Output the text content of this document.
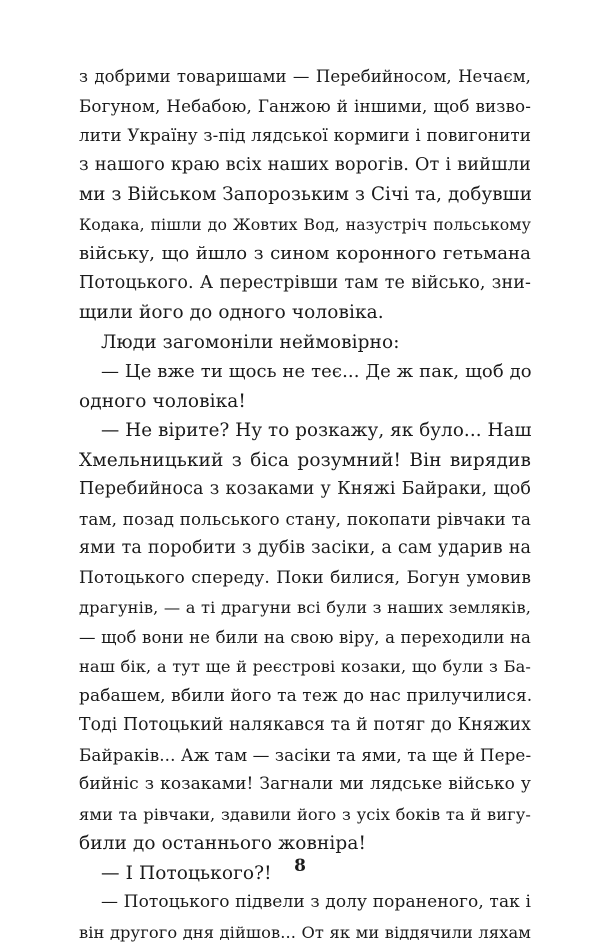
з добрими товаришами — Перебийносом, Нечаєм,
Богуном, Небабою, Ганжою й іншими, щоб визво-
лити Україну з-під лядської кормиги і повигонити
з нашого краю всіх наших ворогів. От і вийшли
ми з Військом Запорозьким з Січі та, добувши
Кодака, пішли до Жовтих Вод, назустріч польському
війську, що йшло з сином коронного гетьмана
Потоцького. А перестрівши там те військо, зни-
щили його до одного чоловіка.
Люди загомоніли неймовірно:
— Це вже ти щось не теє... Де ж пак, щоб до
одного чоловіка!
— Не вірите? Ну то розкажу, як було... Наш
Хмельницький з біса розумний! Він вирядив
Перебийноса з козаками у Княжі Байраки, щоб
там, позад польського стану, покопати рівчаки та
ями та поробити з дубів засіки, а сам ударив на
Потоцького спереду. Поки билися, Богун умовив
драгунів, — а ті драгуни всі були з наших земляків,
— щоб вони не били на свою віру, а переходили на
наш бік, а тут ще й реєстрові козаки, що були з Ба-
рабашем, вбили його та теж до нас прилучилися.
Тоді Потоцький налякався та й потяг до Княжих
Байраків... Аж там — засіки та ями, та ще й Пере-
бийніс з козаками! Загнали ми лядське військо у
ями та рівчаки, здавили його з усіх боків та й вигу-
били до останнього жовніра!
— І Потоцького?!
— Потоцького підвели з долу пораненого, так і
він другого дня дійшов... От як ми віддячили ляхам
8
